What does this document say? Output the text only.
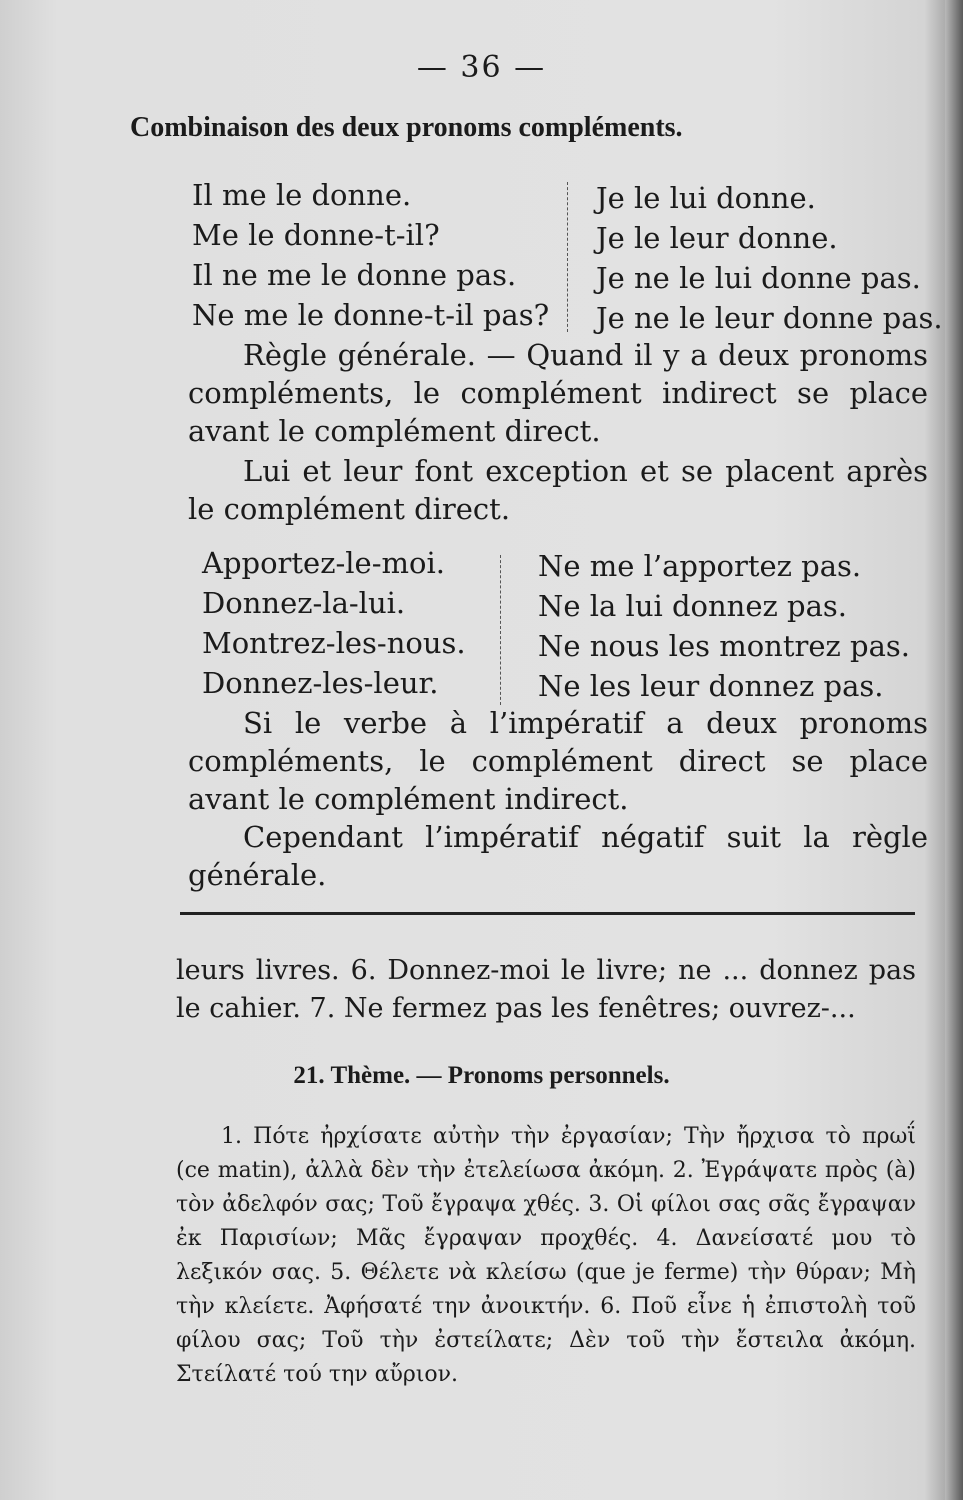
— 36 —
Combinaison des deux pronoms compléments.
Il me le donne.
Me le donne-t-il?
Il ne me le donne pas.
Ne me le donne-t-il pas?
Je le lui donne.
Je le leur donne.
Je ne le lui donne pas.
Je ne le leur donne pas.
Règle générale. — Quand il y a deux pronoms compléments, le complément indirect se place avant le complément direct.
Lui et leur font exception et se placent après le complément direct.
Apportez-le-moi.
Donnez-la-lui.
Montrez-les-nous.
Donnez-les-leur.
Ne me l’apportez pas.
Ne la lui donnez pas.
Ne nous les montrez pas.
Ne les leur donnez pas.
Si le verbe à l’impératif a deux pronoms compléments, le complément direct se place avant le complément indirect.
Cependant l’impératif négatif suit la règle générale.
leurs livres. 6. Donnez-moi le livre; ne ... donnez pas le cahier. 7. Ne fermez pas les fenêtres; ouvrez-...
21. Thème. — Pronoms personnels.
1. Πότε ἠρχίσατε αὐτὴν τὴν ἐργασίαν; Τὴν ἤρχισα τὸ πρωΐ (ce matin), ἀλλὰ δὲν τὴν ἐτελείωσα ἀκόμη. 2. Ἐγράψατε πρὸς (à) τὸν ἀδελφόν σας; Τοῦ ἔγραψα χθές. 3. Οἱ φίλοι σας σᾶς ἔγραψαν ἐκ Παρισίων; Μᾶς ἔγραψαν προχθές. 4. Δανείσατέ μου τὸ λεξικόν σας. 5. Θέλετε νὰ κλείσω (que je ferme) τὴν θύραν; Μὴ τὴν κλείετε. Ἀφήσατέ την ἀνοικτήν. 6. Ποῦ εἶνε ἡ ἐπιστολὴ τοῦ φίλου σας; Τοῦ τὴν ἐστείλατε; Δὲν τοῦ τὴν ἔστειλα ἀκόμη. Στείλατέ τού την αὔριον.
